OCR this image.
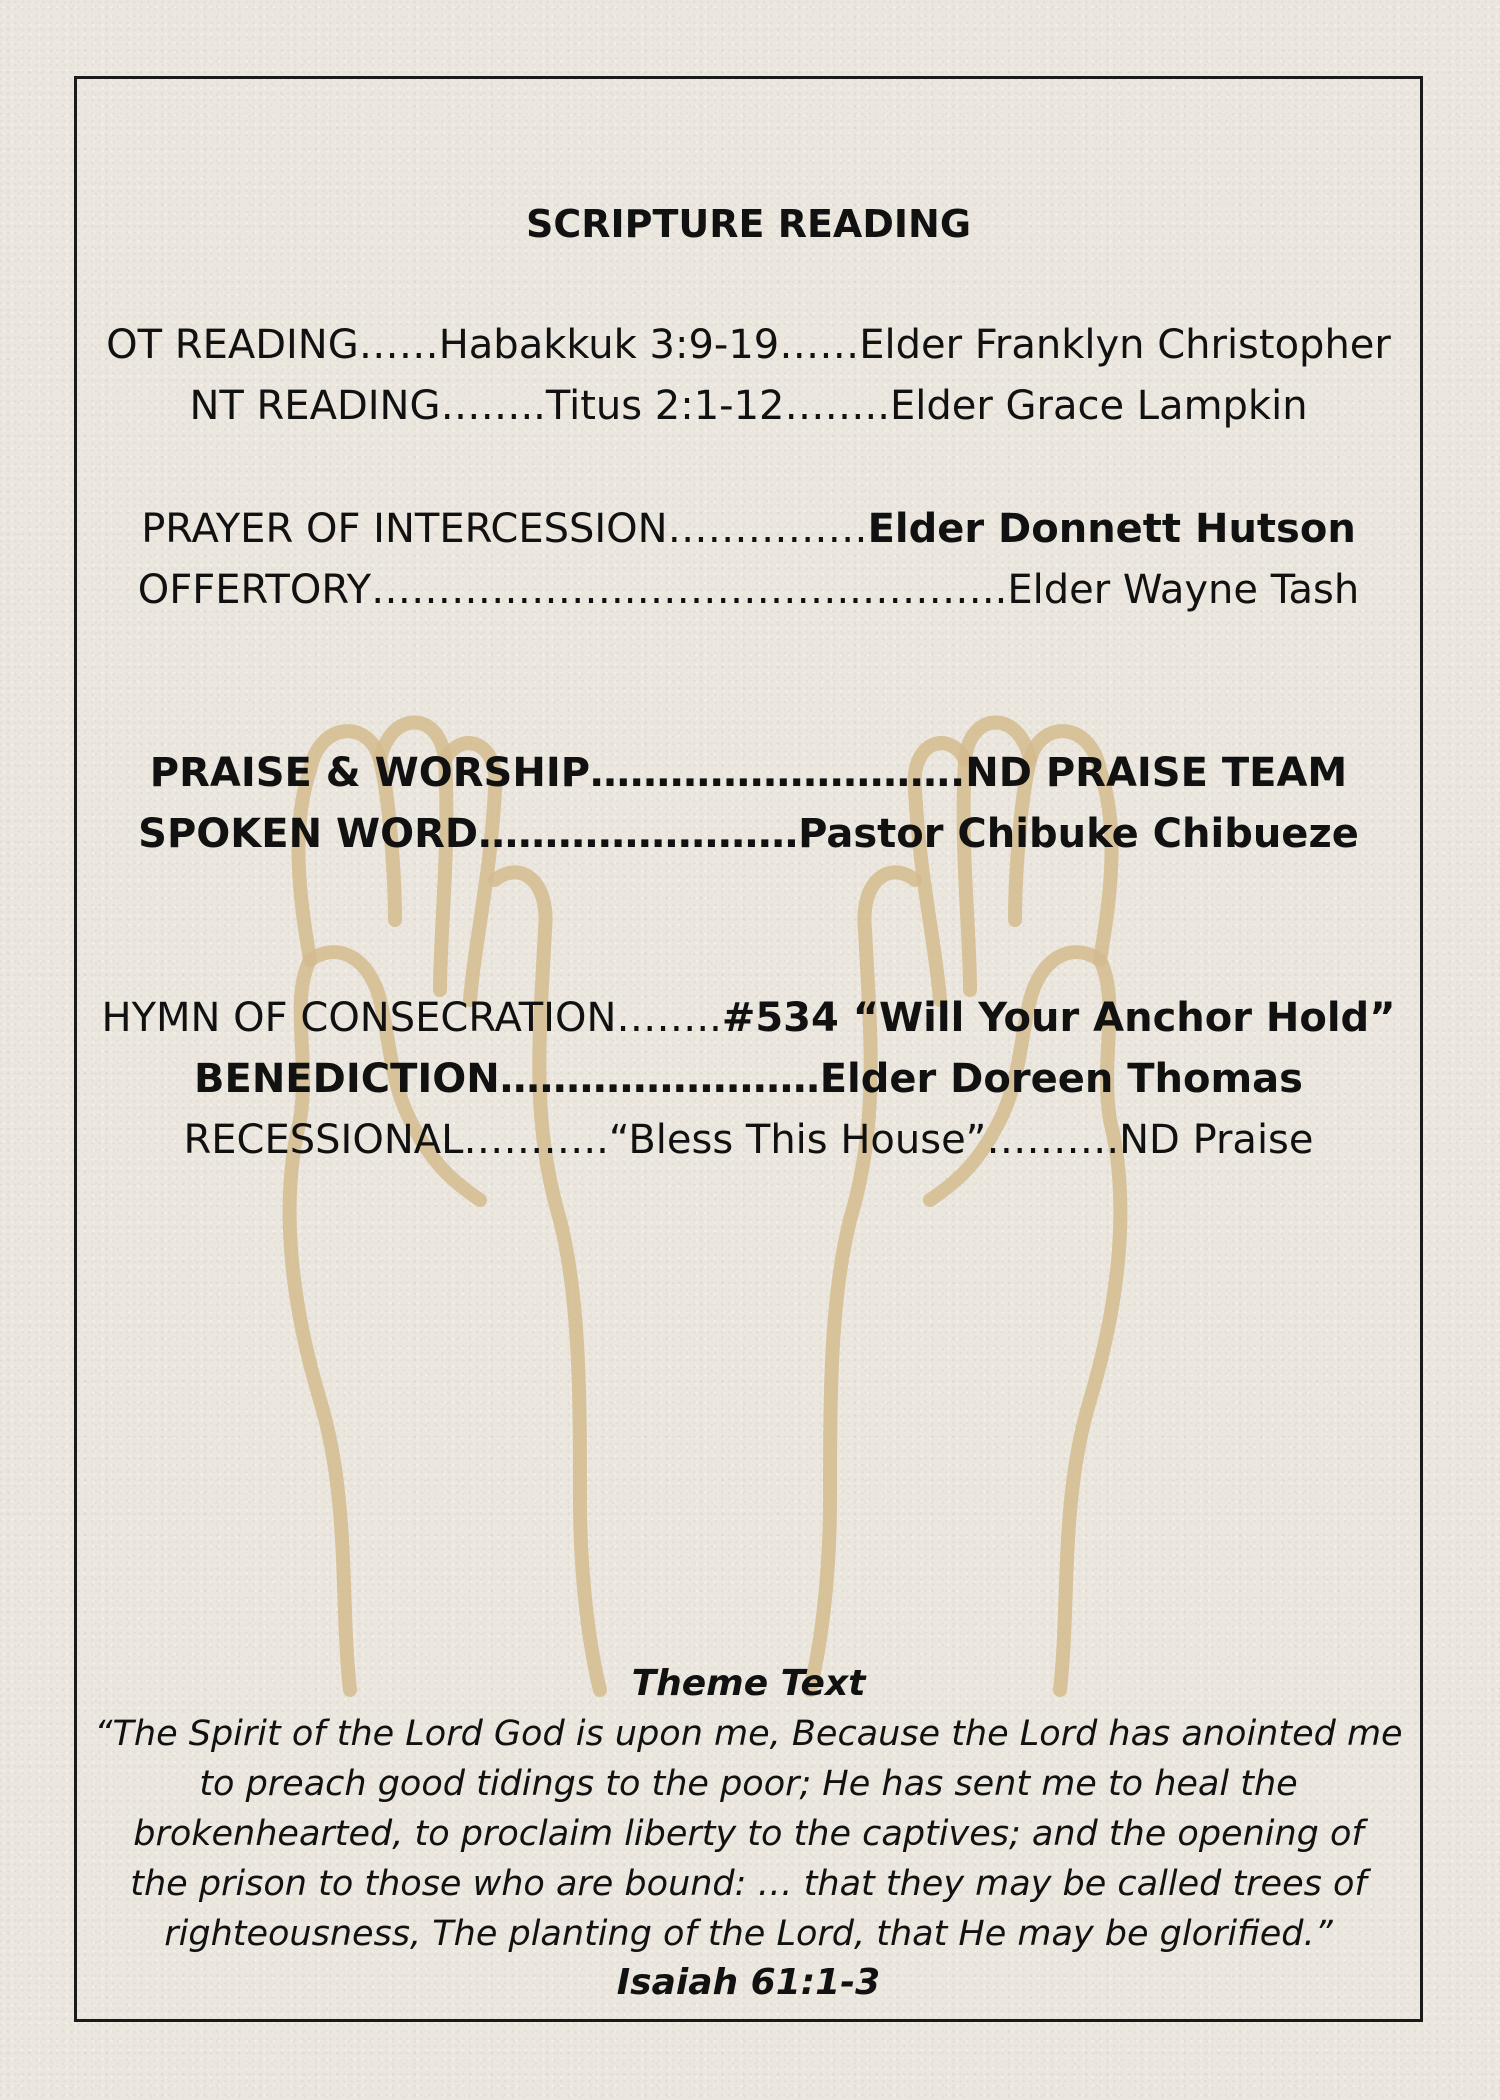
SCRIPTURE READING
OT READING……Habakkuk 3:9-19……Elder Franklyn Christopher
NT READING……..Titus 2:1-12……..Elder Grace Lampkin
PRAYER OF INTERCESSION……………Elder Donnett Hutson
OFFERTORY………………..……………..………..Elder Wayne Tash
PRAISE & WORSHIP……………………….ND PRAISE TEAM
SPOKEN WORD……………………Pastor Chibuke Chibueze
HYMN OF CONSECRATION……..#534 “Will Your Anchor Hold”
BENEDICTION……………………Elder Doreen Thomas
RECESSIONAL………..“Bless This House”……….ND Praise
Theme Text
“The Spirit of the Lord God is upon me, Because the Lord has anointed me
to preach good tidings to the poor; He has sent me to heal the
brokenhearted, to proclaim liberty to the captives; and the opening of
the prison to those who are bound: … that they may be called trees of
righteousness, The planting of the Lord, that He may be glorified.”
Isaiah 61:1-3
